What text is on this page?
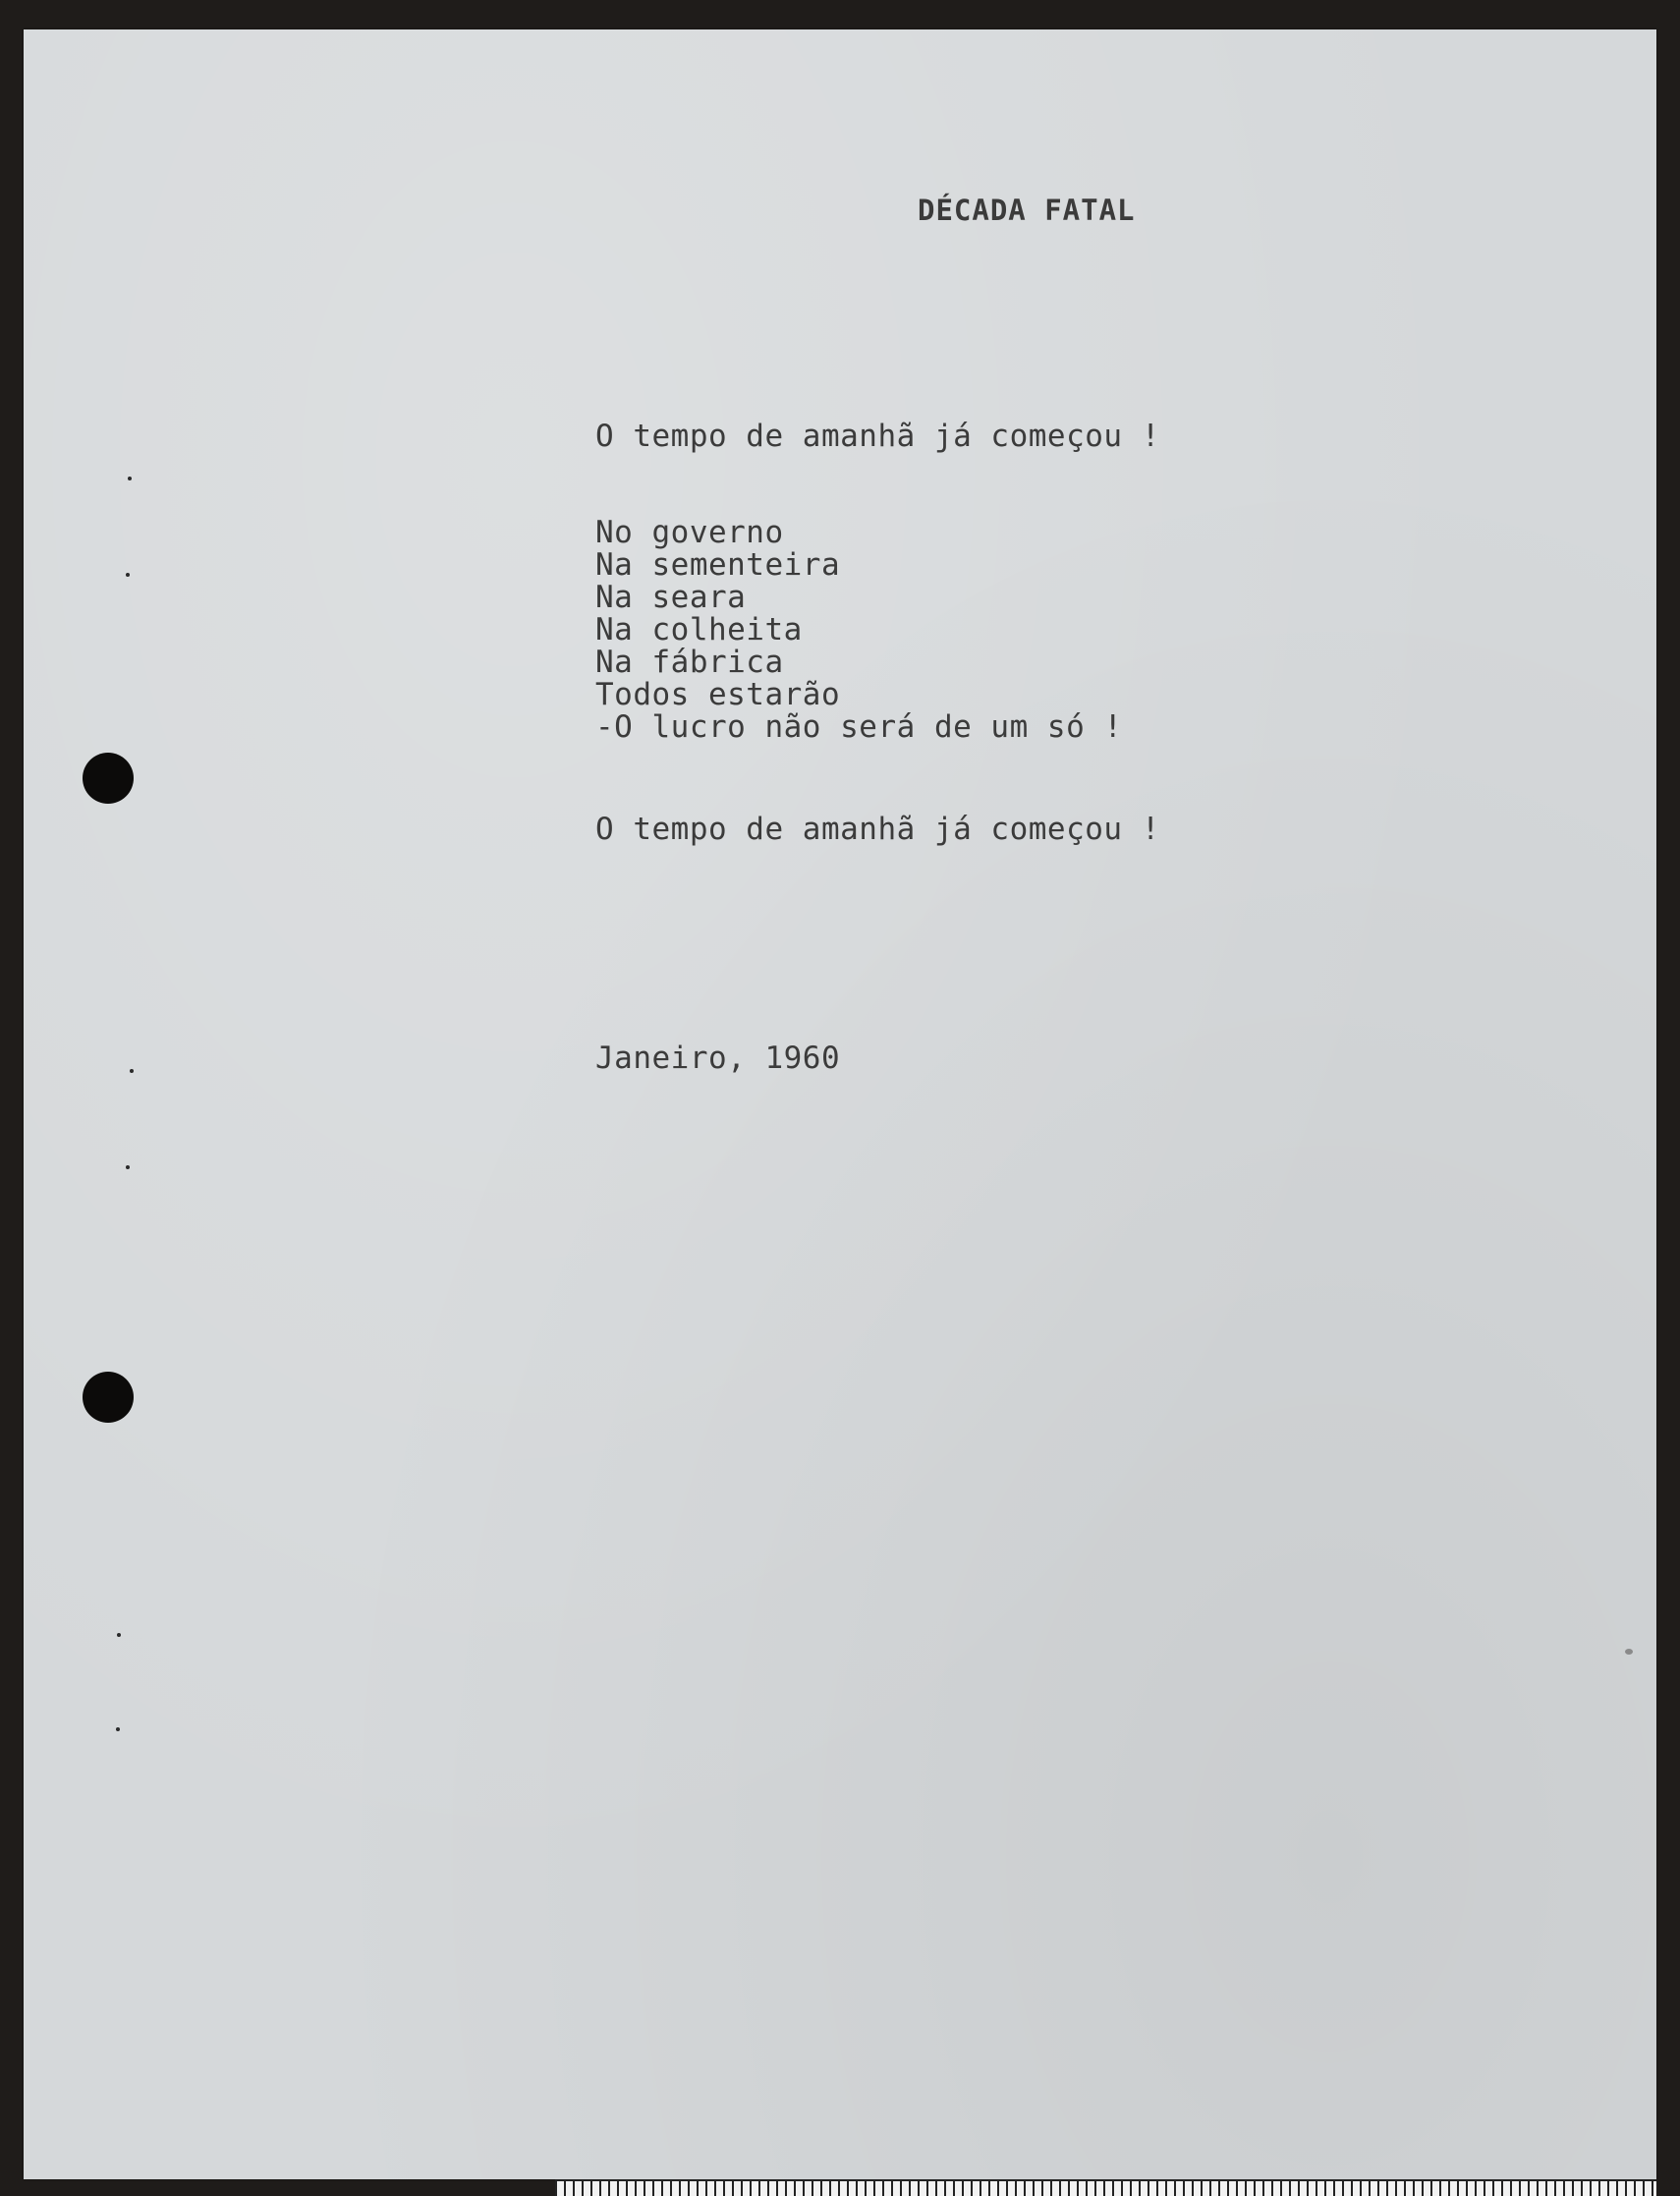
DÉCADA FATAL
O tempo de amanhã já começou !
No governo
Na sementeira
Na seara
Na colheita
Na fábrica
Todos estarão
-O lucro não será de um só !
O tempo de amanhã já começou !
Janeiro, 1960
